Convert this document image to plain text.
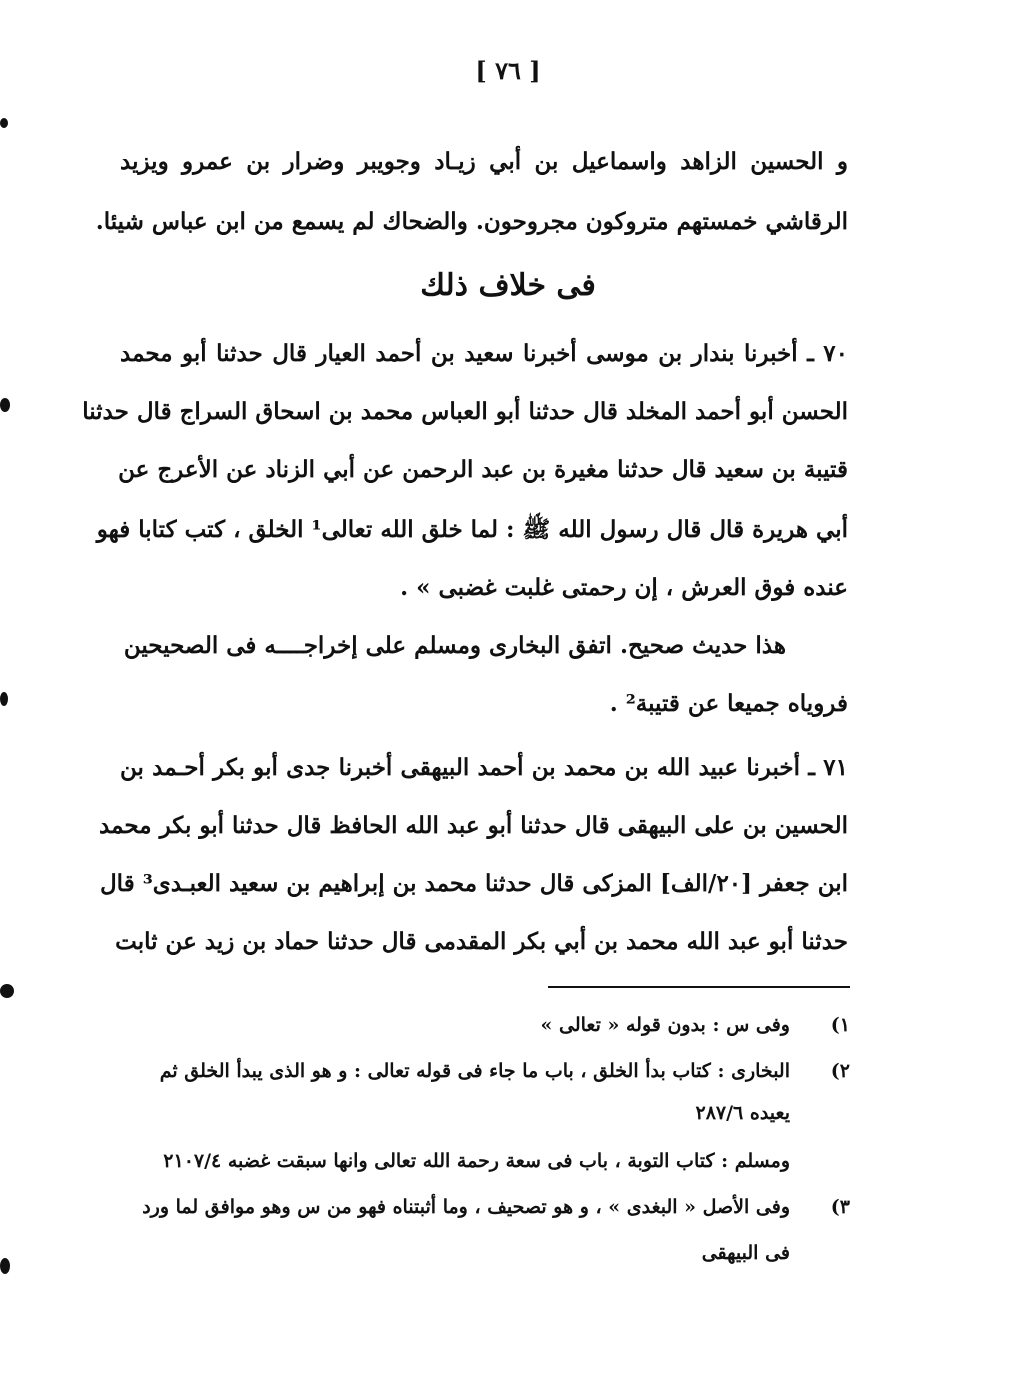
[ ٧٦ ]
و الحسين الزاهد واسماعيل بن أبي زيـاد وجويبر وضرار بن عمرو ويزيد
الرقاشي خمستهم متروكون مجروحون. والضحاك لم يسمع من ابن عباس شيئا.
فى خلاف ذلك
٧٠ ـ أخبرنا بندار بن موسى أخبرنا سعيد بن أحمد العيار قال حدثنا أبو محمد
الحسن أبو أحمد المخلد قال حدثنا أبو العباس محمد بن اسحاق السراج قال حدثنا
قتيبة بن سعيد قال حدثنا مغيرة بن عبد الرحمن عن أبي الزناد عن الأعرج عن
أبي هريرة قال قال رسول الله ﷺ : لما خلق الله تعالى¹ الخلق ، كتب كتابا فهو
عنده فوق العرش ، إن رحمتى غلبت غضبى » .
هذا حديث صحيح. اتفق البخارى ومسلم على إخراجــــه فى الصحيحين
فروياه جميعا عن قتيبة² .
٧١ ـ أخبرنا عبيد الله بن محمد بن أحمد البيهقى أخبرنا جدى أبو بكر أحـمد بن
الحسين بن على البيهقى قال حدثنا أبو عبد الله الحافظ قال حدثنا أبو بكر محمد
ابن جعفر [٢٠/الف] المزكى قال حدثنا محمد بن إبراهيم بن سعيد العبـدى³ قال
حدثنا أبو عبد الله محمد بن أبي بكر المقدمى قال حدثنا حماد بن زيد عن ثابت
١)
وفى س : بدون قوله « تعالى »
٢)
البخارى : كتاب بدأ الخلق ، باب ما جاء فى قوله تعالى : و هو الذى يبدأ الخلق ثم
يعيده ٢٨٧/٦
ومسلم : كتاب التوبة ، باب فى سعة رحمة الله تعالى وانها سبقت غضبه ٢١٠٧/٤
٣)
وفى الأصل « البغدى » ، و هو تصحيف ، وما أثبتناه فهو من س وهو موافق لما ورد
فى البيهقى
